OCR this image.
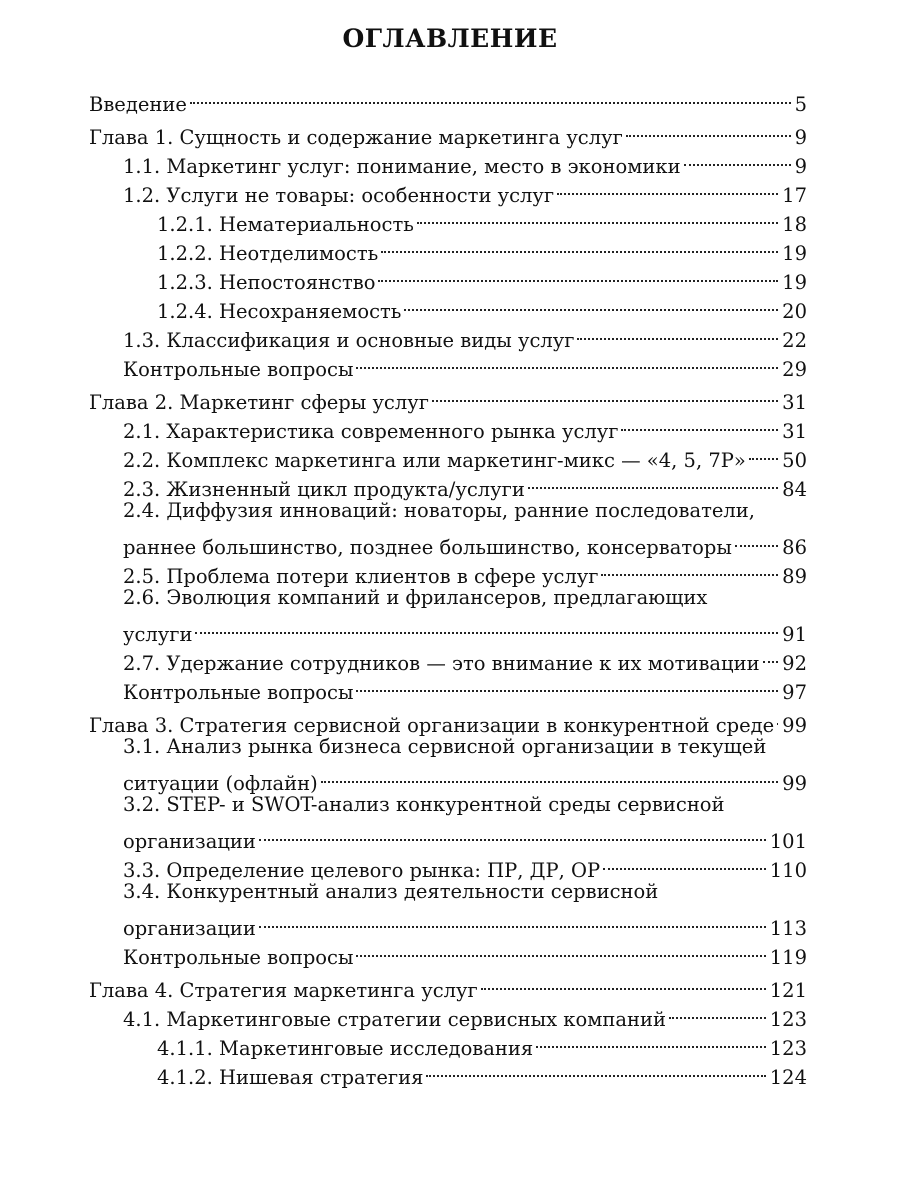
ОГЛАВЛЕНИЕ
Введение	5
Глава 1. Сущность и содержание маркетинга услуг	9
1.1. Маркетинг услуг: понимание, место в экономики	9
1.2. Услуги не товары: особенности услуг	17
1.2.1. Нематериальность	18
1.2.2. Неотделимость	19
1.2.3. Непостоянство	19
1.2.4. Несохраняемость	20
1.3. Классификация и основные виды услуг	22
Контрольные вопросы	29
Глава 2. Маркетинг сферы услуг	31
2.1. Характеристика современного рынка услуг	31
2.2. Комплекс маркетинга или маркетинг-микс — «4, 5, 7P» 50
2.3. Жизненный цикл продукта/услуги	84
2.4. Диффузия инноваций: новаторы, ранние последователи,
раннее большинство, позднее большинство, консерваторы	86
2.5. Проблема потери клиентов в сфере услуг	89
2.6. Эволюция компаний и фрилансеров, предлагающих
услуги	91
2.7. Удержание сотрудников — это внимание к их мотивации 92
Контрольные вопросы	97
Глава 3. Стратегия сервисной организации в конкурентной среде 99
3.1. Анализ рынка бизнеса сервисной организации в текущей
ситуации (офлайн)	99
3.2. STEP- и SWOT-анализ конкурентной среды сервисной
организации	101
3.3. Определение целевого рынка: ПР, ДР, ОР	110
3.4. Конкурентный анализ деятельности сервисной
организации	113
Контрольные вопросы	119
Глава 4. Стратегия маркетинга услуг	121
4.1. Маркетинговые стратегии сервисных компаний	123
4.1.1. Маркетинговые исследования	123
4.1.2. Нишевая стратегия	124
